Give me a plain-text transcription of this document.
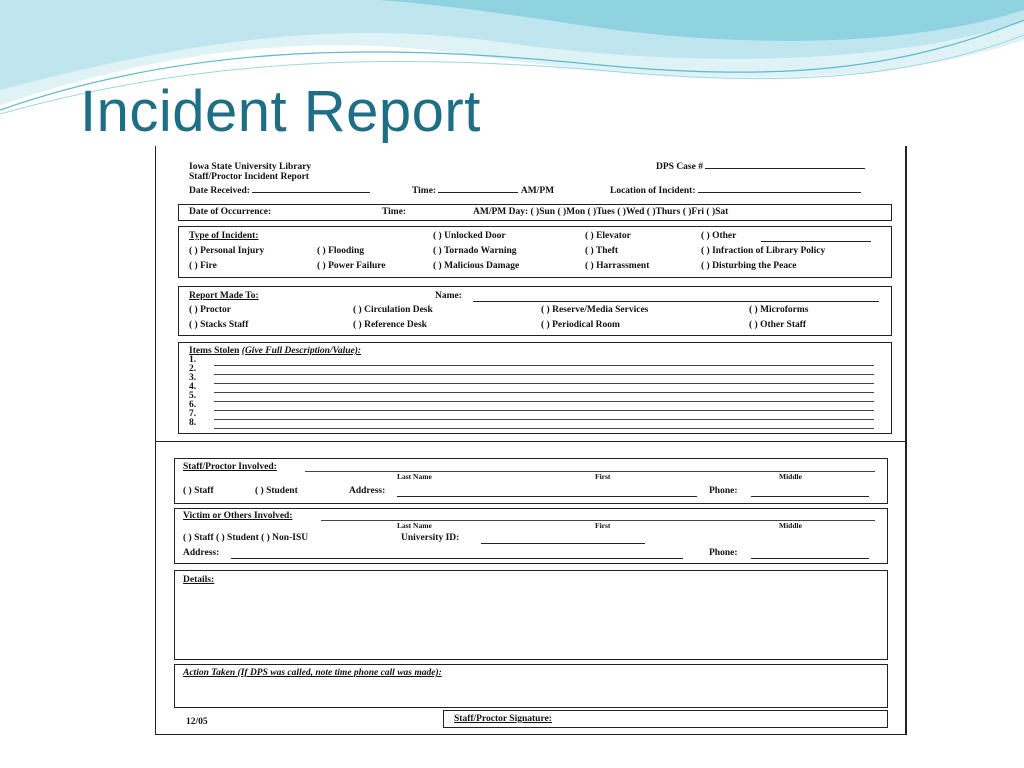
Incident Report
Iowa State University Library
Staff/Proctor Incident Report
DPS Case #
Date Received:	Time:	AM/PM	Location of Incident:
Date of Occurrence:	Time:	AM/PM Day: ( )Sun ( )Mon ( )Tues ( )Wed ( )Thurs ( )Fri ( )Sat
Type of Incident:	( ) Unlocked Door	( ) Elevator	( ) Other
( ) Personal Injury	( ) Flooding	( ) Tornado Warning	( ) Theft	( ) Infraction of Library Policy
( ) Fire	( ) Power Failure	( ) Malicious Damage	( ) Harrassment	( ) Disturbing the Peace
Report Made To:	Name:
( ) Proctor	( ) Circulation Desk	( ) Reserve/Media Services	( ) Microforms
( ) Stacks Staff	( ) Reference Desk	( ) Periodical Room	( ) Other Staff
Items Stolen (Give Full Description/Value):
1.
2.
3.
4.
5.
6.
7.
8.
Staff/Proctor Involved:
Last Name	First	Middle
( ) Staff	( ) Student	Address:	Phone:
Victim or Others Involved:
Last Name	First	Middle
( ) Staff ( ) Student ( ) Non-ISU	University ID:
Address:	Phone:
Details:
Action Taken (If DPS was called, note time phone call was made):
12/05	Staff/Proctor Signature:
